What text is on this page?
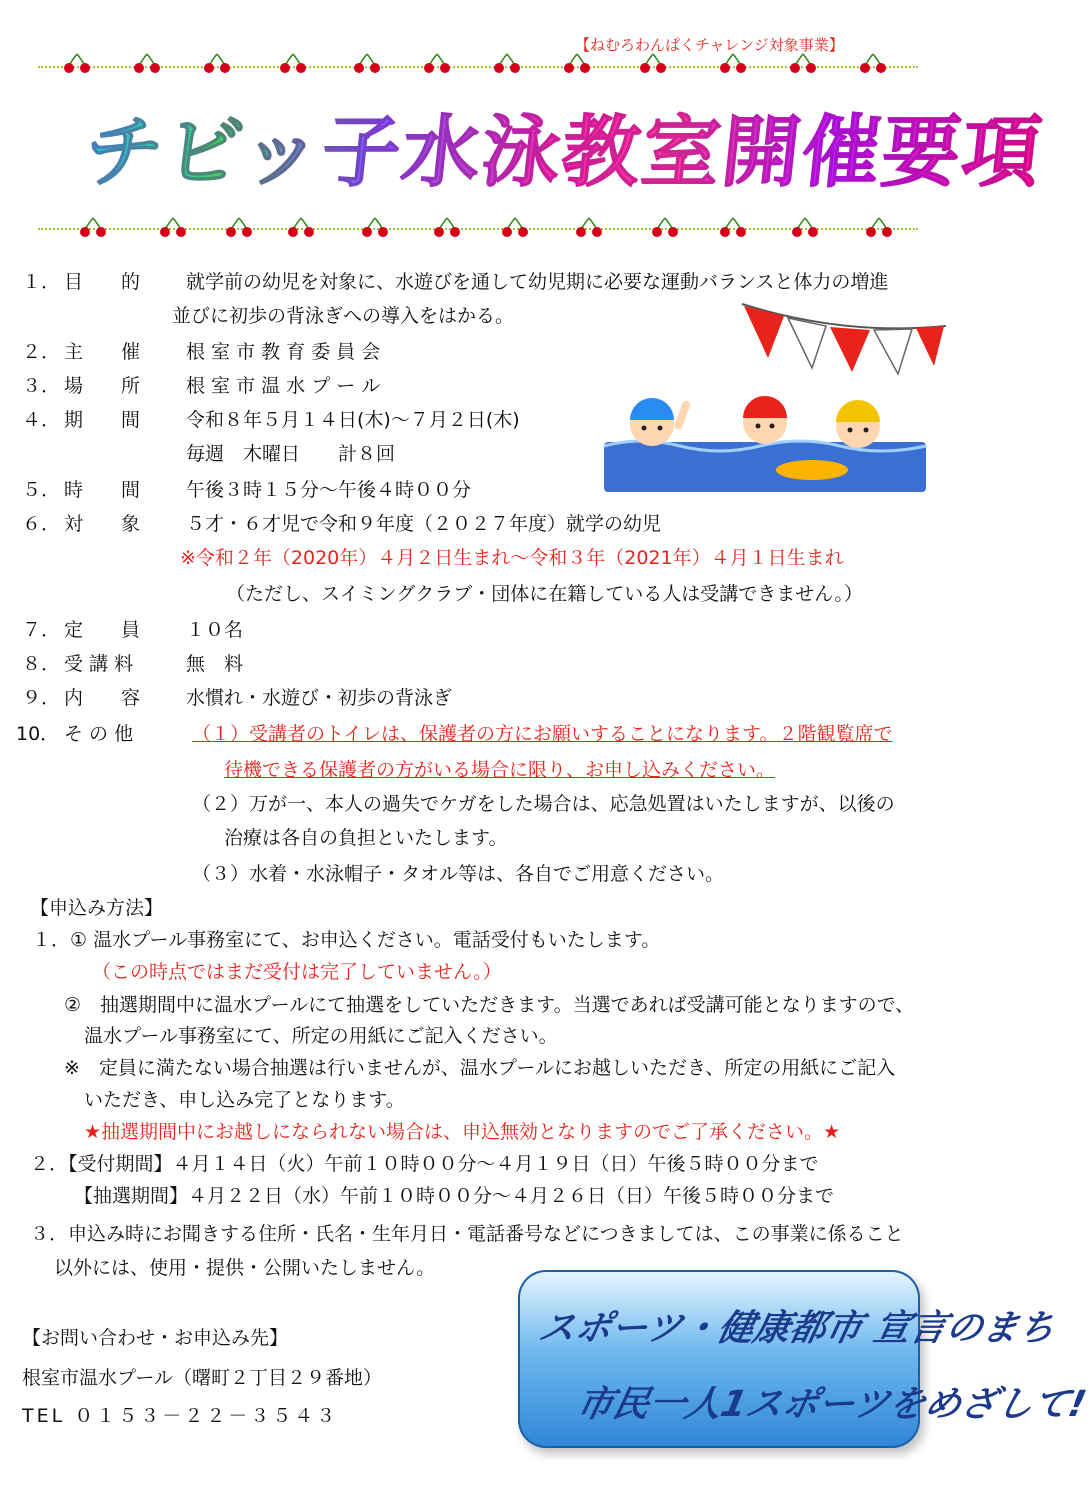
【ねむろわんぱくチャレンジ対象事業】
チビッ子水泳教室開催要項
１． 目　　的 就学前の幼児を対象に、水遊びを通して幼児期に必要な運動バランスと体力の増進
並びに初歩の背泳ぎへの導入をはかる。
２． 主　　催 根 室 市 教 育 委 員 会
３． 場　　所 根 室 市 温 水 プ ー ル
４． 期　　間 令和８年５月１４日(木)～７月２日(木)
毎週　木曜日　　計８回
５． 時　　間 午後３時１５分～午後４時００分
６． 対　　象 ５才・６才児で令和９年度（２０２７年度）就学の幼児
※令和２年（2020年）４月２日生まれ～令和３年（2021年）４月１日生まれ
（ただし、スイミングクラブ・団体に在籍している人は受講できません。）
７． 定　　員 １０名
８． 受 講 料	無　料
９． 内　　容 水慣れ・水遊び・初歩の背泳ぎ
10． そ の 他	（１）受講者のトイレは、保護者の方にお願いすることになります。２階観覧席で
待機できる保護者の方がいる場合に限り、お申し込みください。
（２）万が一、本人の過失でケガをした場合は、応急処置はいたしますが、以後の
治療は各自の負担といたします。
（３）水着・水泳帽子・タオル等は、各自でご用意ください。
【申込み方法】
１．① 温水プール事務室にて、お申込ください。電話受付もいたします。
（この時点ではまだ受付は完了していません。）
②　抽選期間中に温水プールにて抽選をしていただきます。当選であれば受講可能となりますので、
温水プール事務室にて、所定の用紙にご記入ください。
※　定員に満たない場合抽選は行いませんが、温水プールにお越しいただき、所定の用紙にご記入
いただき、申し込み完了となります。
★抽選期間中にお越しになられない場合は、申込無効となりますのでご了承ください。★
２．【受付期間】４月１４日（火）午前１０時００分～４月１９日（日）午後５時００分まで
【抽選期間】４月２２日（水）午前１０時００分～４月２６日（日）午後５時００分まで
３．申込み時にお聞きする住所・氏名・生年月日・電話番号などにつきましては、この事業に係ること
以外には、使用・提供・公開いたしません。
【お問い合わせ・お申込み先】
根室市温水プール（曙町２丁目２９番地）
TEL ０１５３－２２－３５４３
スポーツ・健康都市 宣言のまち
市民一人1スポーツをめざして!
